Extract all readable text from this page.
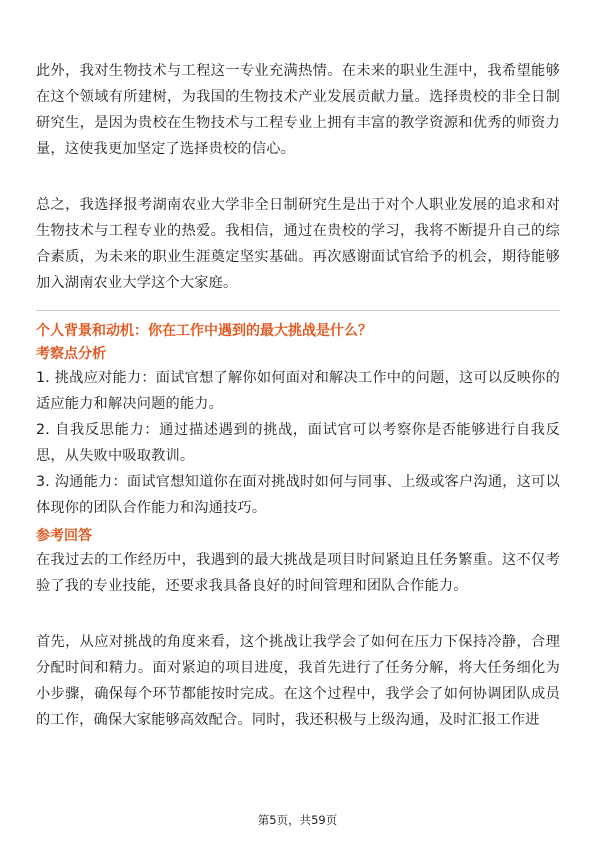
此外，我对生物技术与工程这一专业充满热情。在未来的职业生涯中，我希望能够在这个领域有所建树，为我国的生物技术产业发展贡献力量。选择贵校的非全日制研究生，是因为贵校在生物技术与工程专业上拥有丰富的教学资源和优秀的师资力量，这使我更加坚定了选择贵校的信心。

总之，我选择报考湖南农业大学非全日制研究生是出于对个人职业发展的追求和对生物技术与工程专业的热爱。我相信，通过在贵校的学习，我将不断提升自己的综合素质，为未来的职业生涯奠定坚实基础。再次感谢面试官给予的机会，期待能够加入湖南农业大学这个大家庭。

个人背景和动机：你在工作中遇到的最大挑战是什么？

考察点分析

1. 挑战应对能力：面试官想了解你如何面对和解决工作中的问题，这可以反映你的适应能力和解决问题的能力。

2. 自我反思能力：通过描述遇到的挑战，面试官可以考察你是否能够进行自我反思，从失败中吸取教训。

3. 沟通能力：面试官想知道你在面对挑战时如何与同事、上级或客户沟通，这可以体现你的团队合作能力和沟通技巧。

参考回答

在我过去的工作经历中，我遇到的最大挑战是项目时间紧迫且任务繁重。这不仅考验了我的专业技能，还要求我具备良好的时间管理和团队合作能力。

首先，从应对挑战的角度来看，这个挑战让我学会了如何在压力下保持冷静，合理分配时间和精力。面对紧迫的项目进度，我首先进行了任务分解，将大任务细化为小步骤，确保每个环节都能按时完成。在这个过程中，我学会了如何协调团队成员的工作，确保大家能够高效配合。同时，我还积极与上级沟通，及时汇报工作进

第5页，共59页
